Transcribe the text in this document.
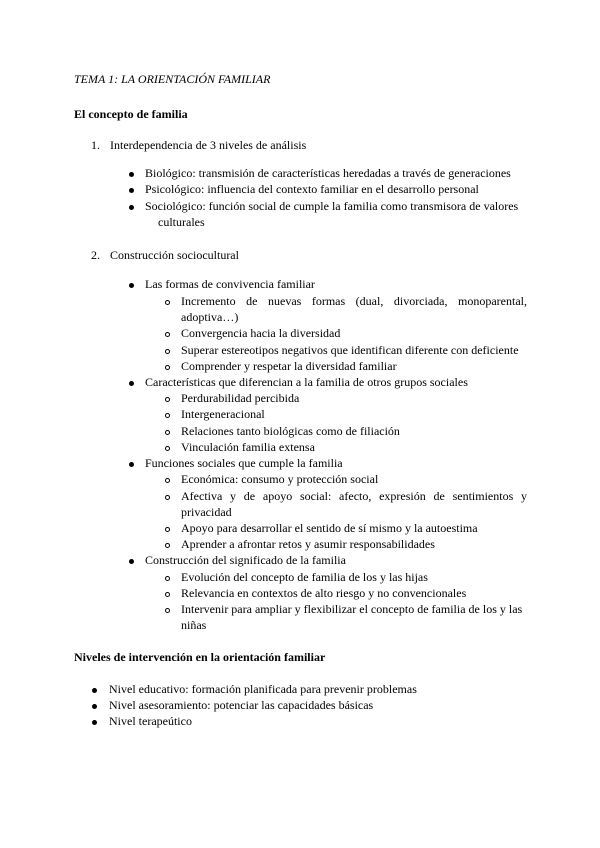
TEMA 1: LA ORIENTACIÓN FAMILIAR
El concepto de familia
1. Interdependencia de 3 niveles de análisis
Biológico: transmisión de características heredadas a través de generaciones
Psicológico: influencia del contexto familiar en el desarrollo personal
Sociológico: función social de cumple la familia como transmisora de valores
culturales
2. Construcción sociocultural
Las formas de convivencia familiar
Incremento de nuevas formas (dual, divorciada, monoparental,
adoptiva…)
Convergencia hacia la diversidad
Superar estereotipos negativos que identifican diferente con deficiente
Comprender y respetar la diversidad familiar
Características que diferencian a la familia de otros grupos sociales
Perdurabilidad percibida
Intergeneracional
Relaciones tanto biológicas como de filiación
Vinculación familia extensa
Funciones sociales que cumple la familia
Económica: consumo y protección social
Afectiva y de apoyo social: afecto, expresión de sentimientos y
privacidad
Apoyo para desarrollar el sentido de sí mismo y la autoestima
Aprender a afrontar retos y asumir responsabilidades
Construcción del significado de la familia
Evolución del concepto de familia de los y las hijas
Relevancia en contextos de alto riesgo y no convencionales
Intervenir para ampliar y flexibilizar el concepto de familia de los y las
niñas
Niveles de intervención en la orientación familiar
Nivel educativo: formación planificada para prevenir problemas
Nivel asesoramiento: potenciar las capacidades básicas
Nivel terapeútico
